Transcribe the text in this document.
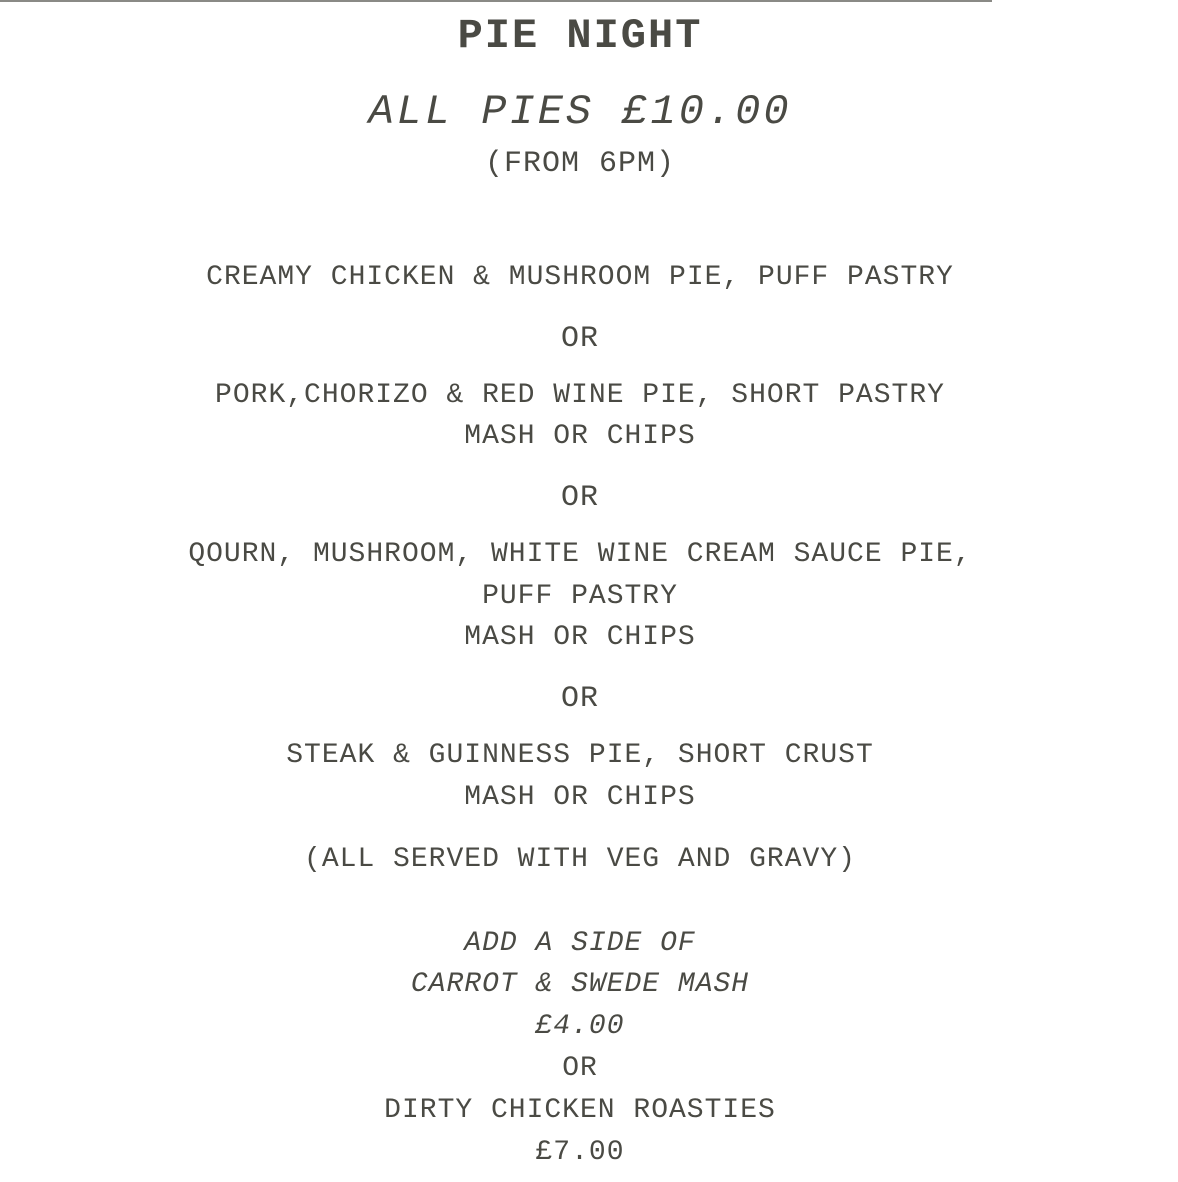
PIE NIGHT
ALL PIES £10.00
(FROM 6PM)
CREAMY CHICKEN & MUSHROOM PIE, PUFF PASTRY
OR
PORK,CHORIZO & RED WINE PIE, SHORT PASTRY
MASH OR CHIPS
OR
QOURN, MUSHROOM, WHITE WINE CREAM SAUCE PIE,
PUFF PASTRY
MASH OR CHIPS
OR
STEAK & GUINNESS PIE, SHORT CRUST
MASH OR CHIPS
(ALL SERVED WITH VEG AND GRAVY)
ADD A SIDE OF
CARROT & SWEDE MASH
£4.00
OR
DIRTY CHICKEN ROASTIES
£7.00
